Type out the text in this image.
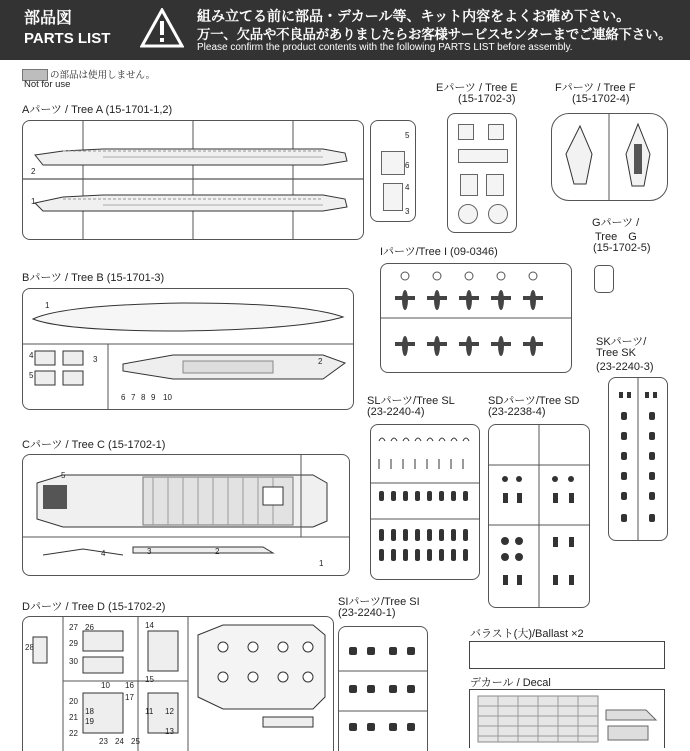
部品図
PARTS LIST
組み立てる前に部品・デカール等、キット内容をよくお確め下さい。
万一、欠品や不良品がありましたらお客様サービスセンターまでご連絡下さい。
Please confirm the product contents with the following PARTS LIST before assembly.
の部品は使用しません。
Not for use
Aパーツ / Tree A (15-1701-1,2)
2
1
5
6
4
3
Eパーツ / Tree E
(15-1702-3)
Fパーツ / Tree F
(15-1702-4)
Gパーツ /
Tree　G
(15-1702-5)
Bパーツ / Tree B (15-1701-3)
1
2
3
4
5
6 7 8 9 10
Iパーツ/Tree I (09-0346)
SKパーツ/
Tree SK
(23-2240-3)
SLパーツ/Tree SL
(23-2240-4)
SDパーツ/Tree SD
(23-2238-4)
Cパーツ / Tree C (15-1702-1)
5
4	3	2
1
Dパーツ / Tree D (15-1702-2)
27 26
28	29
30
14
15
16
17
18
19
20
21
22
23 24 25
10
11 12
13
SIパーツ/Tree SI
(23-2240-1)
バラスト(大)/Ballast ×2
デカール / Decal
